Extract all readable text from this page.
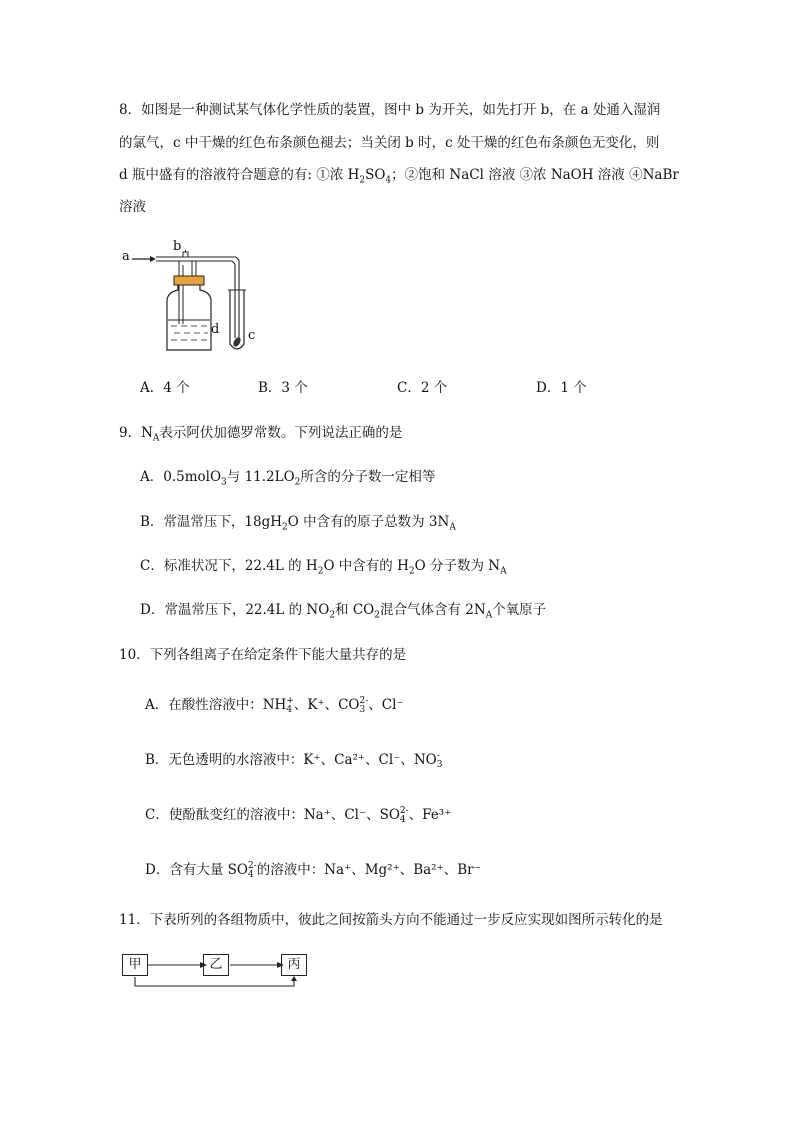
8．如图是一种测试某气体化学性质的装置，图中 b 为开关，如先打开 b，在 a 处通入湿润
的氯气，c 中干燥的红色布条颜色褪去；当关闭 b 时，c 处干燥的红色布条颜色无变化，则
d 瓶中盛有的溶液符合题意的有: ①浓 $H_2SO_4$；②饱和 NaCl 溶液 ③浓 NaOH 溶液 ④NaBr
溶液
a
b
c
d
A．4 个	B．3 个	C．2 个	D．1 个
9．$N_A$表示阿伏加德罗常数。下列说法正确的是
A．0.5molO$_3$与 $11.2LO_2$所含的分子数一定相等
B．常温常压下，$18gH_2O$ 中含有的原子总数为 $3N_A$
C．标准状况下，22.4L 的 $H_2O$ 中含有的 $H_2O$ 分子数为 $N_A$
D．常温常压下，22.4L 的 $NO_2$和 $CO_2$混合气体含有 $2N_A$个氧原子
10．下列各组离子在给定条件下能大量共存的是
A．在酸性溶液中：NH +
4 、K⁺、CO 2-
3 、Cl⁻
B．无色透明的水溶液中：K⁺、Ca²⁺、Cl⁻、NO -
3
C．使酚酞变红的溶液中：Na⁺、Cl⁻、SO 2-
4 、Fe³⁺
D．含有大量 SO 2-
4 的溶液中：Na⁺、Mg²⁺、Ba²⁺、Br⁻
11．下表所列的各组物质中，彼此之间按箭头方向不能通过一步反应实现如图所示转化的是
甲	乙	丙
